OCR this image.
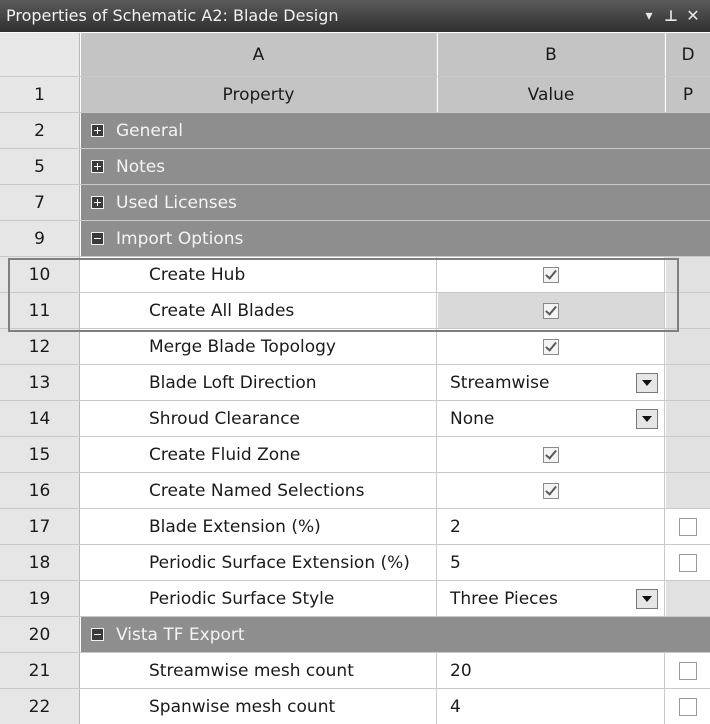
Properties of Schematic A2: Blade Design	▾ ⊥ ✕
A	B	D
1	Property	Value	P
2	General
5	Notes
7	Used Licenses
9	Import Options
10	Create Hub
11	Create All Blades
12	Merge Blade Topology
13	Blade Loft Direction	Streamwise
14	Shroud Clearance	None
15	Create Fluid Zone
16	Create Named Selections
17	Blade Extension (%)	2
18	Periodic Surface Extension (%)	5
19	Periodic Surface Style	Three Pieces
20	Vista TF Export
21	Streamwise mesh count	20
22	Spanwise mesh count	4
